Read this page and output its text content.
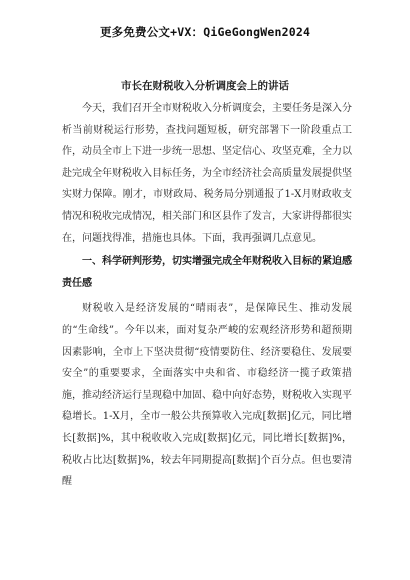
更多免费公文+VX：QiGeGongWen2024
市长在财税收入分析调度会上的讲话

今天，我们召开全市财税收入分析调度会，主要任务是深入分析当前财税运行形势，查找问题短板，研究部署下一阶段重点工作，动员全市上下进一步统一思想、坚定信心、攻坚克难，全力以赴完成全年财税收入目标任务，为全市经济社会高质量发展提供坚实财力保障。刚才，市财政局、税务局分别通报了1-X月财政收支情况和税收完成情况，相关部门和区县作了发言，大家讲得都很实在，问题找得准，措施也具体。下面，我再强调几点意见。

一、科学研判形势，切实增强完成全年财税收入目标的紧迫感责任感

财税收入是经济发展的“晴雨表”，是保障民生、推动发展的“生命线”。今年以来，面对复杂严峻的宏观经济形势和超预期因素影响，全市上下坚决贯彻“疫情要防住、经济要稳住、发展要安全”的重要要求，全面落实中央和省、市稳经济一揽子政策措施，推动经济运行呈现稳中加固、稳中向好态势，财税收入实现平稳增长。1-X月，全市一般公共预算收入完成[数据]亿元，同比增长[数据]%，其中税收收入完成[数据]亿元，同比增长[数据]%，税收占比达[数据]%，较去年同期提高[数据]个百分点。但也要清醒
